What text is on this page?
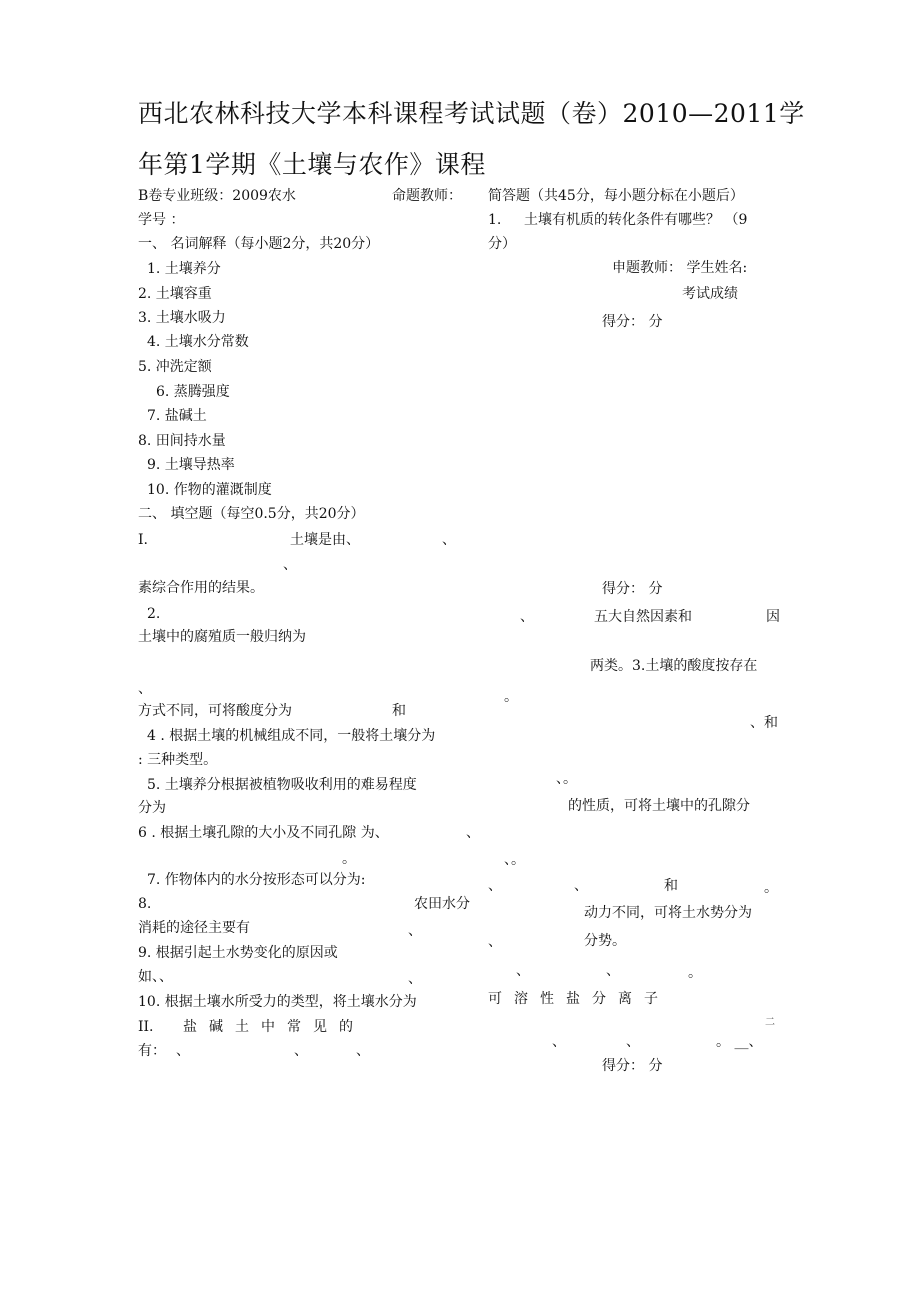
西北农林科技大学本科课程考试试题（卷）2010—2011学
年第1学期《土壤与农作》课程
B卷专业班级：2009农水	命题教师：
学号 ：
一、 名词解释（每小题2分，共20分）
1. 土壤养分
2. 土壤容重
3. 土壤水吸力
4. 土壤水分常数
5. 冲洗定额
6. 蒸腾强度
7. 盐碱土
8. 田间持水量
9. 土壤导热率
10. 作物的灌溉制度
二、 填空题（每空0.5分，共20分）
I.	土壤是由、	、
、
素综合作用的结果。
2.
土壤中的腐殖质一般归纳为
、
方式不同，可将酸度分为	和
4 . 根据土壤的机械组成不同，一般将土壤分为
: 三种类型。
5. 土壤养分根据被植物吸收利用的难易程度
分为
6 . 根据土壤孔隙的大小及不同孔隙 为、	、
。
7. 作物体内的水分按形态可以分为:
8.	农田水分
消耗的途径主要有	、
9. 根据引起土水势变化的原因或
如、、	、
10. 根据土壤水所受力的类型，将土壤水分为
II. 盐碱土中常见的
有： 、	、	、
简答题（共45分，每小题分标在小题后）
1. 土壤有机质的转化条件有哪些？ （9
分）
申题教师： 学生姓名:
考试成绩
得分： 分
得分： 分
、	五大自然因素和	因
两类。3.土壤的酸度按存在
。
、和
、。
的性质，可将土壤中的孔隙分
、。
、	、	和	。
动力不同，可将土水势分为
、	分势。
、	、	。
可溶性盐分离子
二
、	、	。 __、
得分： 分
